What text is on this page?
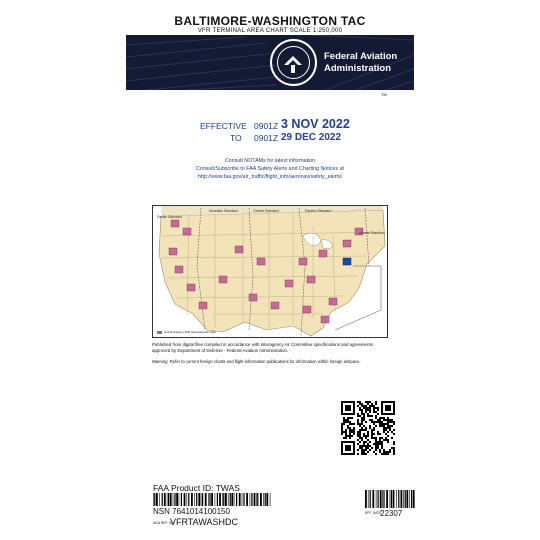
BALTIMORE-WASHINGTON TAC
VFR TERMINAL AREA CHART SCALE 1:250,000
Federal Aviation
Administration
TM
EFFECTIVE 0901Z 3 NOV 2022
TO 0901Z 29 DEC 2022
Consult NOTAMs for latest information
Consult/Subscribe to FAA Safety Alerts and Charting Notices at
http://www.faa.gov/air_traffic/flight_info/aeronav/safety_alerts/
Pacific Standard
Mountain Standard	Central Standard	Eastern Standard
Atlantic Standard
Grand Canyon VFR Aeronautical Chart
Published from digital files compiled in accordance with Interagency Air Committee specifications and agreements approved by Department of Defense - Federal Aviation Administration.
Warning: Refer to current foreign charts and flight information publications for information within foreign airspace.
FAA Product ID: TWAS
NSN 7641014100150
NGA REF. NO.
VFRTAWASHDC
EFF. DATE
22307
